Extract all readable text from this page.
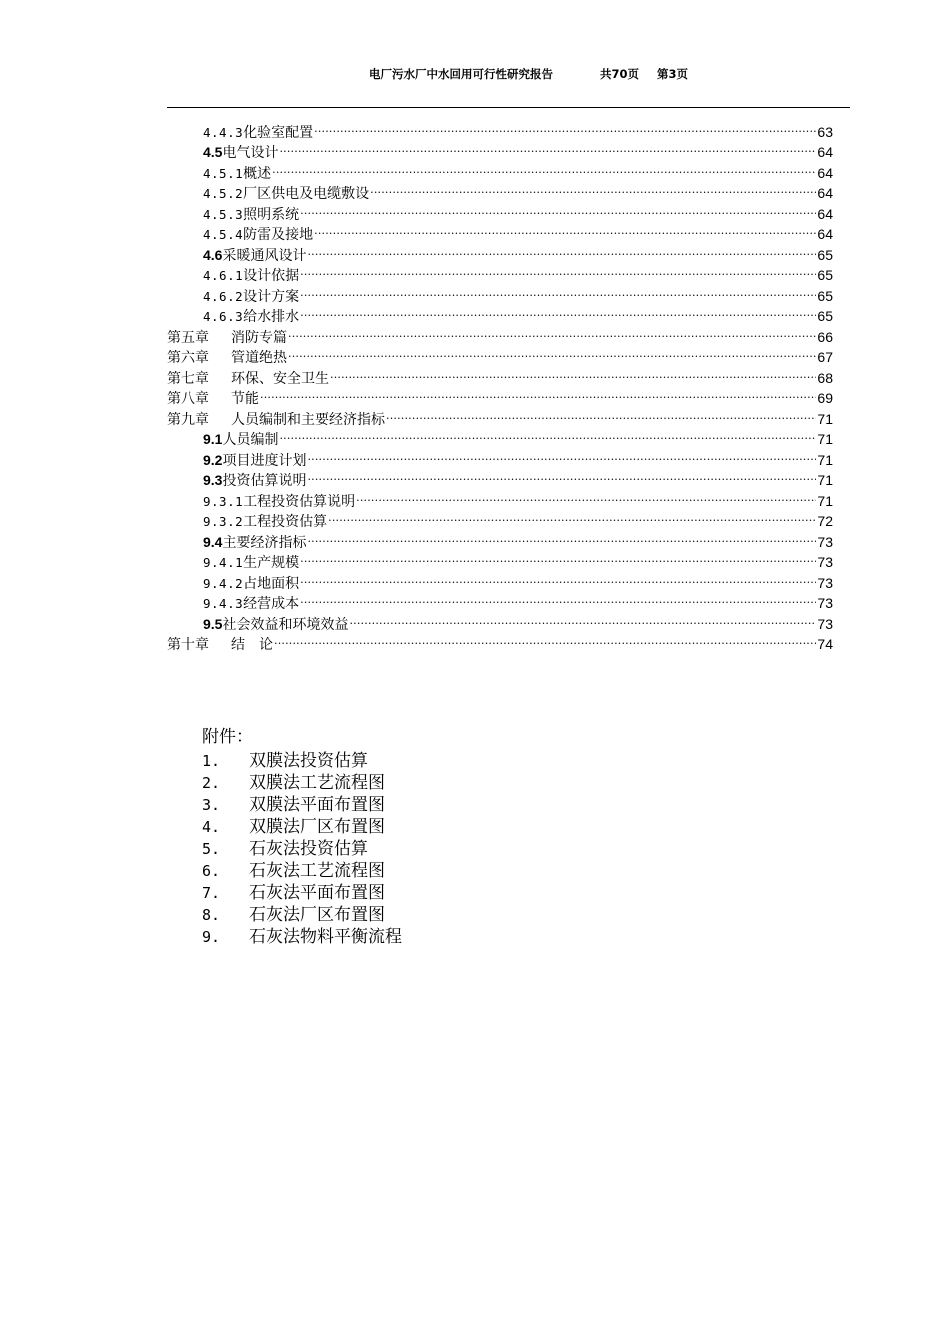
电厂污水厂中水回用可行性研究报告	共70页 第3页
4.4.3 化验室配置 .....	63
4.5 电气设计 .....	64
4.5.1 概述 .....	64
4.5.2 厂区供电及电缆敷设 .....	64
4.5.3 照明系统 .....	64
4.5.4 防雷及接地 .....	64
4.6 采暖通风设计 .....	65
4.6.1 设计依据 .....	65
4.6.2 设计方案 .....	65
4.6.3 给水排水 .....	65
第五章 消防专篇 .....	66
第六章 管道绝热 .....	67
第七章 环保、安全卫生 .....	68
第八章 节能 .....	69
第九章 人员编制和主要经济指标 .....	71
9.1 人员编制 .....	71
9.2 项目进度计划 .....	71
9.3 投资估算说明 .....	71
9.3.1 工程投资估算说明 .....	71
9.3.2 工程投资估算 .....	72
9.4 主要经济指标 .....	73
9.4.1 生产规模 .....	73
9.4.2 占地面积 .....	73
9.4.3 经营成本 .....	73
9.5 社会效益和环境效益 .....	73
第十章 结　论 .....	74
附件：
1.	双膜法投资估算
2.	双膜法工艺流程图
3.	双膜法平面布置图
4.	双膜法厂区布置图
5.	石灰法投资估算
6.	石灰法工艺流程图
7.	石灰法平面布置图
8.	石灰法厂区布置图
9.	石灰法物料平衡流程
